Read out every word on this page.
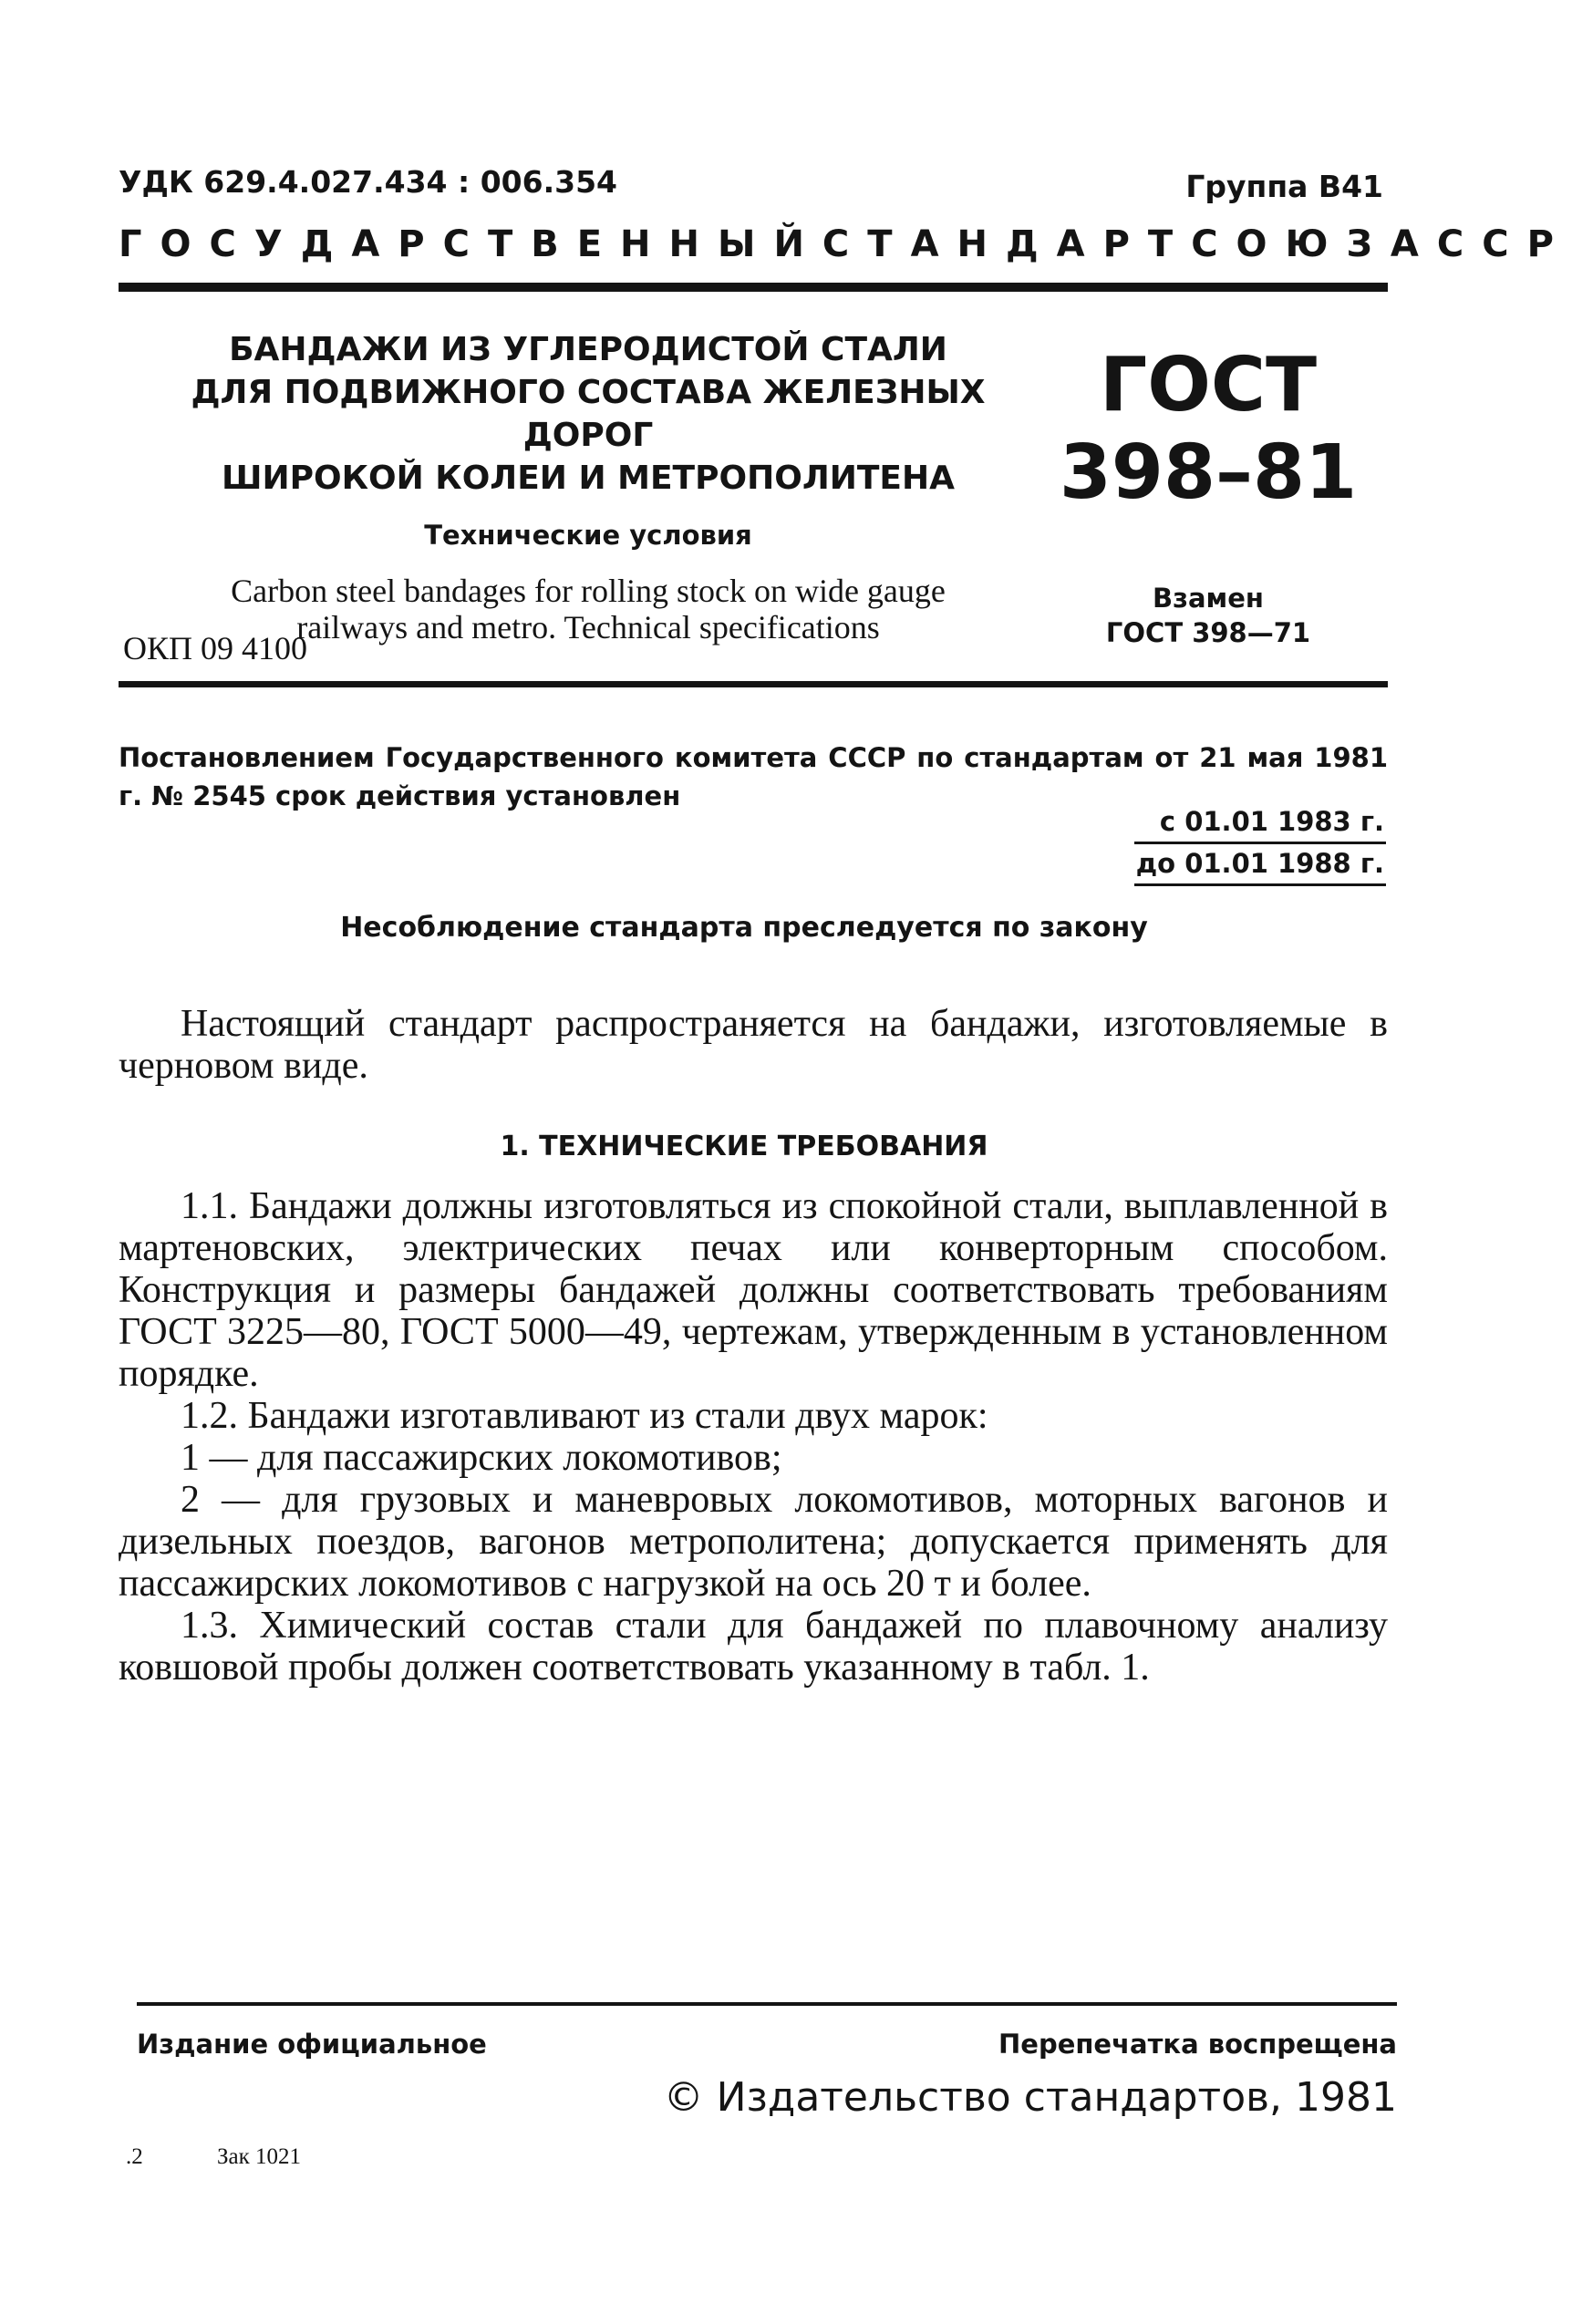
УДК 629.4.027.434 : 006.354	Группа В41
ГОСУДАРСТВЕННЫЙ СТАНДАРТ СОЮЗА ССР
БАНДАЖИ ИЗ УГЛЕРОДИСТОЙ СТАЛИ
ДЛЯ ПОДВИЖНОГО СОСТАВА ЖЕЛЕЗНЫХ ДОРОГ
ШИРОКОЙ КОЛЕИ И МЕТРОПОЛИТЕНА
Технические условия
Carbon steel bandages for rolling stock on wide gauge
railways and metro. Technical specifications
ГОСТ
398–81
Взамен
ГОСТ 398—71
ОКП 09 4100
Постановлением Государственного комитета СССР по стандартам от 21 мая 1981 г. № 2545 срок действия установлен
с 01.01 1983 г.
до 01.01 1988 г.
Несоблюдение стандарта преследуется по закону

Настоящий стандарт распространяется на бандажи, изготовляемые в черновом виде.

1. ТЕХНИЧЕСКИЕ ТРЕБОВАНИЯ

1.1. Бандажи должны изготовляться из спокойной стали, выплавленной в мартеновских, электрических печах или конверторным способом. Конструкция и размеры бандажей должны соответствовать требованиям ГОСТ 3225—80, ГОСТ 5000—49, чертежам, утвержденным в установленном порядке.

1.2. Бандажи изготавливают из стали двух марок:

1 — для пассажирских локомотивов;

2 — для грузовых и маневровых локомотивов, моторных вагонов и дизельных поездов, вагонов метрополитена; допускается применять для пассажирских локомотивов с нагрузкой на ось 20 т и более.

1.3. Химический состав стали для бандажей по плавочному анализу ковшовой пробы должен соответствовать указанному в табл. 1.

Издание официальное	Перепечатка воспрещена
© Издательство стандартов, 1981
.2	Зак 1021
